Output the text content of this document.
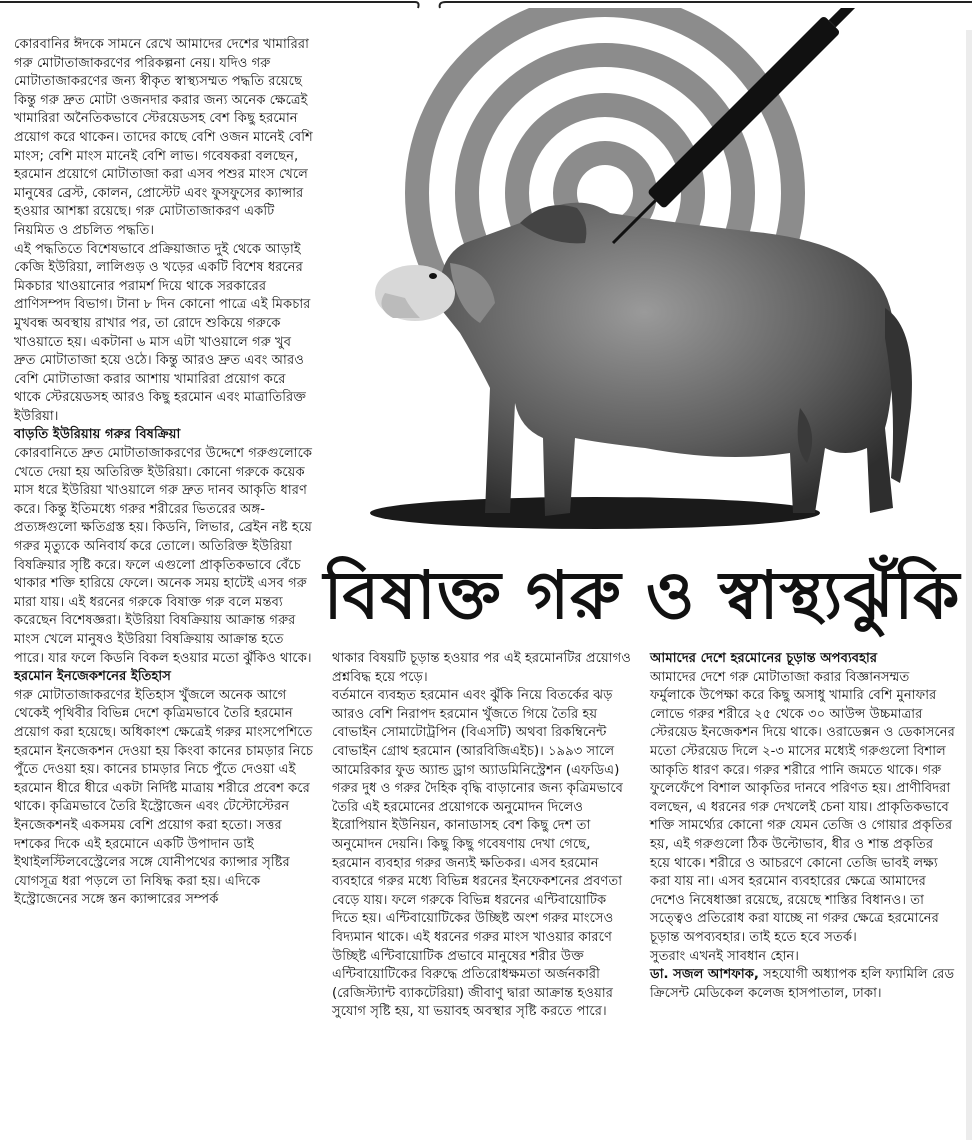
কোরবানির ঈদকে সামনে রেখে আমাদের দেশের খামারিরা গরু মোটাতাজাকরণের পরিকল্পনা নেয়। যদিও গরু মোটাতাজাকরণের জন্য স্বীকৃত স্বাস্থ্যসম্মত পদ্ধতি রয়েছে কিন্তু গরু দ্রুত মোটা ওজনদার করার জন্য অনেক ক্ষেত্রেই খামারিরা অনৈতিকভাবে স্টেরয়েডসহ বেশ কিছু হরমোন প্রয়োগ করে থাকেন। তাদের কাছে বেশি ওজন মানেই বেশি মাংস; বেশি মাংস মানেই বেশি লাভ। গবেষকরা বলছেন, হরমোন প্রয়োগে মোটাতাজা করা এসব পশুর মাংস খেলে মানুষের ব্রেস্ট, কোলন, প্রোস্টেট এবং ফুসফুসের ক্যান্সার হওয়ার আশঙ্কা রয়েছে। গরু মোটাতাজাকরণ একটি নিয়মিত ও প্রচলিত পদ্ধতি।

এই পদ্ধতিতে বিশেষভাবে প্রক্রিয়াজাত দুই থেকে আড়াই কেজি ইউরিয়া, লালিগুড় ও খড়ের একটি বিশেষ ধরনের মিকচার খাওয়ানোর পরামর্শ দিয়ে থাকে সরকারের প্রাণিসম্পদ বিভাগ। টানা ৮ দিন কোনো পাত্রে এই মিকচার মুখবন্ধ অবস্থায় রাখার পর, তা রোদে শুকিয়ে গরুকে খাওয়াতে হয়। একটানা ৬ মাস এটা খাওয়ালে গরু খুব দ্রুত মোটাতাজা হয়ে ওঠে। কিন্তু আরও দ্রুত এবং আরও বেশি মোটাতাজা করার আশায় খামারিরা প্রয়োগ করে থাকে স্টেরয়েডসহ আরও কিছু হরমোন এবং মাত্রাতিরিক্ত ইউরিয়া।

বাড়তি ইউরিয়ায় গরুর বিষক্রিয়া

কোরবানিতে দ্রুত মোটাতাজাকরণের উদ্দেশে গরুগুলোকে খেতে দেয়া হয় অতিরিক্ত ইউরিয়া। কোনো গরুকে কয়েক মাস ধরে ইউরিয়া খাওয়ালে গরু দ্রুত দানব আকৃতি ধারণ করে। কিন্তু ইতিমধ্যে গরুর শরীরের ভিতরের অঙ্গ-প্রত্যঙ্গগুলো ক্ষতিগ্রস্ত হয়। কিডনি, লিভার, ব্রেইন নষ্ট হয়ে গরুর মৃত্যুকে অনিবার্য করে তোলে। অতিরিক্ত ইউরিয়া বিষক্রিয়ার সৃষ্টি করে। ফলে এগুলো প্রাকৃতিকভাবে বেঁচে থাকার শক্তি হারিয়ে ফেলে। অনেক সময় হাটেই এসব গরু মারা যায়। এই ধরনের গরুকে বিষাক্ত গরু বলে মন্তব্য করেছেন বিশেষজ্ঞরা। ইউরিয়া বিষক্রিয়ায় আক্রান্ত গরুর মাংস খেলে মানুষও ইউরিয়া বিষক্রিয়ায় আক্রান্ত হতে পারে। যার ফলে কিডনি বিকল হওয়ার মতো ঝুঁকিও থাকে।

হরমোন ইনজেকশনের ইতিহাস

গরু মোটাতাজাকরণের ইতিহাস খুঁজলে অনেক আগে থেকেই পৃথিবীর বিভিন্ন দেশে কৃত্রিমভাবে তৈরি হরমোন প্রয়োগ করা হয়েছে। অধিকাংশ ক্ষেত্রেই গরুর মাংসপেশিতে হরমোন ইনজেকশন দেওয়া হয় কিংবা কানের চামড়ার নিচে পুঁতে দেওয়া হয়। কানের চামড়ার নিচে পুঁতে দেওয়া এই হরমোন ধীরে ধীরে একটা নির্দিষ্ট মাত্রায় শরীরে প্রবেশ করে থাকে। কৃত্রিমভাবে তৈরি ইস্ট্রোজেন এবং টেস্টোস্টেরন ইনজেকশনই একসময় বেশি প্রয়োগ করা হতো। সত্তর দশকের দিকে এই হরমোনে একটি উপাদান ডাই ইথাইলস্টিলবেস্ট্রেলের সঙ্গে যোনীপথের ক্যান্সার সৃষ্টির যোগসূত্র ধরা পড়লে তা নিষিদ্ধ করা হয়। এদিকে ইস্ট্রোজেনের সঙ্গে স্তন ক্যান্সারের সম্পর্ক

বিষাক্ত গরু ও স্বাস্থ্যঝুঁকি

থাকার বিষয়টি চূড়ান্ত হওয়ার পর এই হরমোনটির প্রয়োগও প্রশ্নবিদ্ধ হয়ে পড়ে।

বর্তমানে ব্যবহৃত হরমোন এবং ঝুঁকি নিয়ে বিতর্কের ঝড় আরও বেশি নিরাপদ হরমোন খুঁজতে গিয়ে তৈরি হয় বোভাইন সোমাটোট্রপিন (বিএসটি) অথবা রিকম্বিনেন্ট বোভাইন গ্রোথ হরমোন (আরবিজিএইচ)। ১৯৯৩ সালে আমেরিকার ফুড অ্যান্ড ড্রাগ অ্যাডমিনিস্ট্রেশন (এফডিএ) গরুর দুধ ও গরুর দৈহিক বৃদ্ধি বাড়ানোর জন্য কৃত্রিমভাবে তৈরি এই হরমোনের প্রয়োগকে অনুমোদন দিলেও ইরোপিয়ান ইউনিয়ন, কানাডাসহ বেশ কিছু দেশ তা অনুমোদন দেয়নি। কিছু কিছু গবেষণায় দেখা গেছে, হরমোন ব্যবহার গরুর জন্যই ক্ষতিকর। এসব হরমোন ব্যবহারে গরুর মধ্যে বিভিন্ন ধরনের ইনফেকশনের প্রবণতা বেড়ে যায়। ফলে গরুকে বিভিন্ন ধরনের এন্টিবায়োটিক দিতে হয়। এন্টিবায়োটিকের উচ্ছিষ্ট অংশ গরুর মাংসেও বিদ্যমান থাকে। এই ধরনের গরুর মাংস খাওয়ার কারণে উচ্ছিষ্ট এন্টিবায়োটিক প্রভাবে মানুষের শরীর উক্ত এন্টিবায়োটিকের বিরুদ্ধে প্রতিরোধক্ষমতা অর্জনকারী (রেজিস্ট্যান্ট ব্যাকটেরিয়া) জীবাণু দ্বারা আক্রান্ত হওয়ার সুযোগ সৃষ্টি হয়, যা ভয়াবহ অবস্থার সৃষ্টি করতে পারে।

আমাদের দেশে হরমোনের চূড়ান্ত অপব্যবহার

আমাদের দেশে গরু মোটাতাজা করার বিজ্ঞানসম্মত ফর্মুলাকে উপেক্ষা করে কিছু অসাধু খামারি বেশি মুনাফার লোভে গরুর শরীরে ২৫ থেকে ৩০ আউন্স উচ্চমাত্রার স্টেরয়েড ইনজেকশন দিয়ে থাকে। ওরাডেক্সন ও ডেকাসনের মতো স্টেরয়েড দিলে ২-৩ মাসের মধ্যেই গরুগুলো বিশাল আকৃতি ধারণ করে। গরুর শরীরে পানি জমতে থাকে। গরু ফুলেফেঁপে বিশাল আকৃতির দানবে পরিণত হয়। প্রাণীবিদরা বলছেন, এ ধরনের গরু দেখলেই চেনা যায়। প্রাকৃতিকভাবে শক্তি সামর্থ্যের কোনো গরু যেমন তেজি ও গোয়ার প্রকৃতির হয়, এই গরুগুলো ঠিক উল্টোভাব, ধীর ও শান্ত প্রকৃতির হয়ে থাকে। শরীরে ও আচরণে কোনো তেজি ভাবই লক্ষ্য করা যায় না। এসব হরমোন ব্যবহারের ক্ষেত্রে আমাদের দেশেও নিষেধাজ্ঞা রয়েছে, রয়েছে শাস্তির বিধানও। তা সত্ত্বেও প্রতিরোধ করা যাচ্ছে না গরুর ক্ষেত্রে হরমোনের চূড়ান্ত অপব্যবহার। তাই হতে হবে সতর্ক।

সুতরাং এখনই সাবধান হোন।

ডা. সজল আশফাক, সহযোগী অধ্যাপক হলি ফ্যামিলি রেড ক্রিসেন্ট মেডিকেল কলেজ হাসপাতাল, ঢাকা।
